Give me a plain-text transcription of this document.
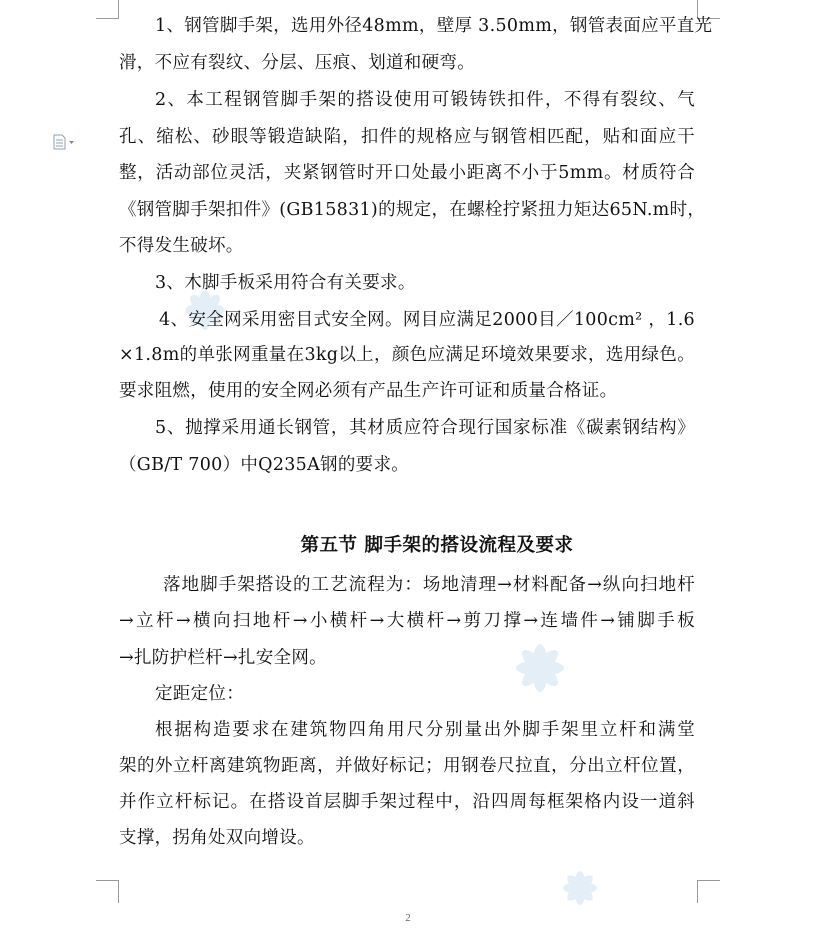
1、钢管脚手架，选用外径48mm，壁厚 3.50mm，钢管表面应平直光
滑，不应有裂纹、分层、压痕、划道和硬弯。
2、本工程钢管脚手架的搭设使用可锻铸铁扣件，不得有裂纹、气
孔、缩松、砂眼等锻造缺陷，扣件的规格应与钢管相匹配，贴和面应干
整，活动部位灵活，夹紧钢管时开口处最小距离不小于5mm。材质符合
《钢管脚手架扣件》(GB15831)的规定，在螺栓拧紧扭力矩达65N.m时，
不得发生破坏。
3、木脚手板采用符合有关要求。
4、安全网采用密目式安全网。网目应满足2000目／100cm² ，1.6
×1.8m的单张网重量在3kg以上，颜色应满足环境效果要求，选用绿色。
要求阻燃，使用的安全网必须有产品生产许可证和质量合格证。
5、抛撑采用通长钢管，其材质应符合现行国家标准《碳素钢结构》
（GB/T 700）中Q235A钢的要求。
第五节 脚手架的搭设流程及要求
落地脚手架搭设的工艺流程为：场地清理→材料配备→纵向扫地杆
→立杆→横向扫地杆→小横杆→大横杆→剪刀撑→连墙件→铺脚手板
→扎防护栏杆→扎安全网。
定距定位：
根据构造要求在建筑物四角用尺分别量出外脚手架里立杆和满堂
架的外立杆离建筑物距离，并做好标记；用钢卷尺拉直，分出立杆位置，
并作立杆标记。在搭设首层脚手架过程中，沿四周每框架格内设一道斜
支撑，拐角处双向增设。
2
